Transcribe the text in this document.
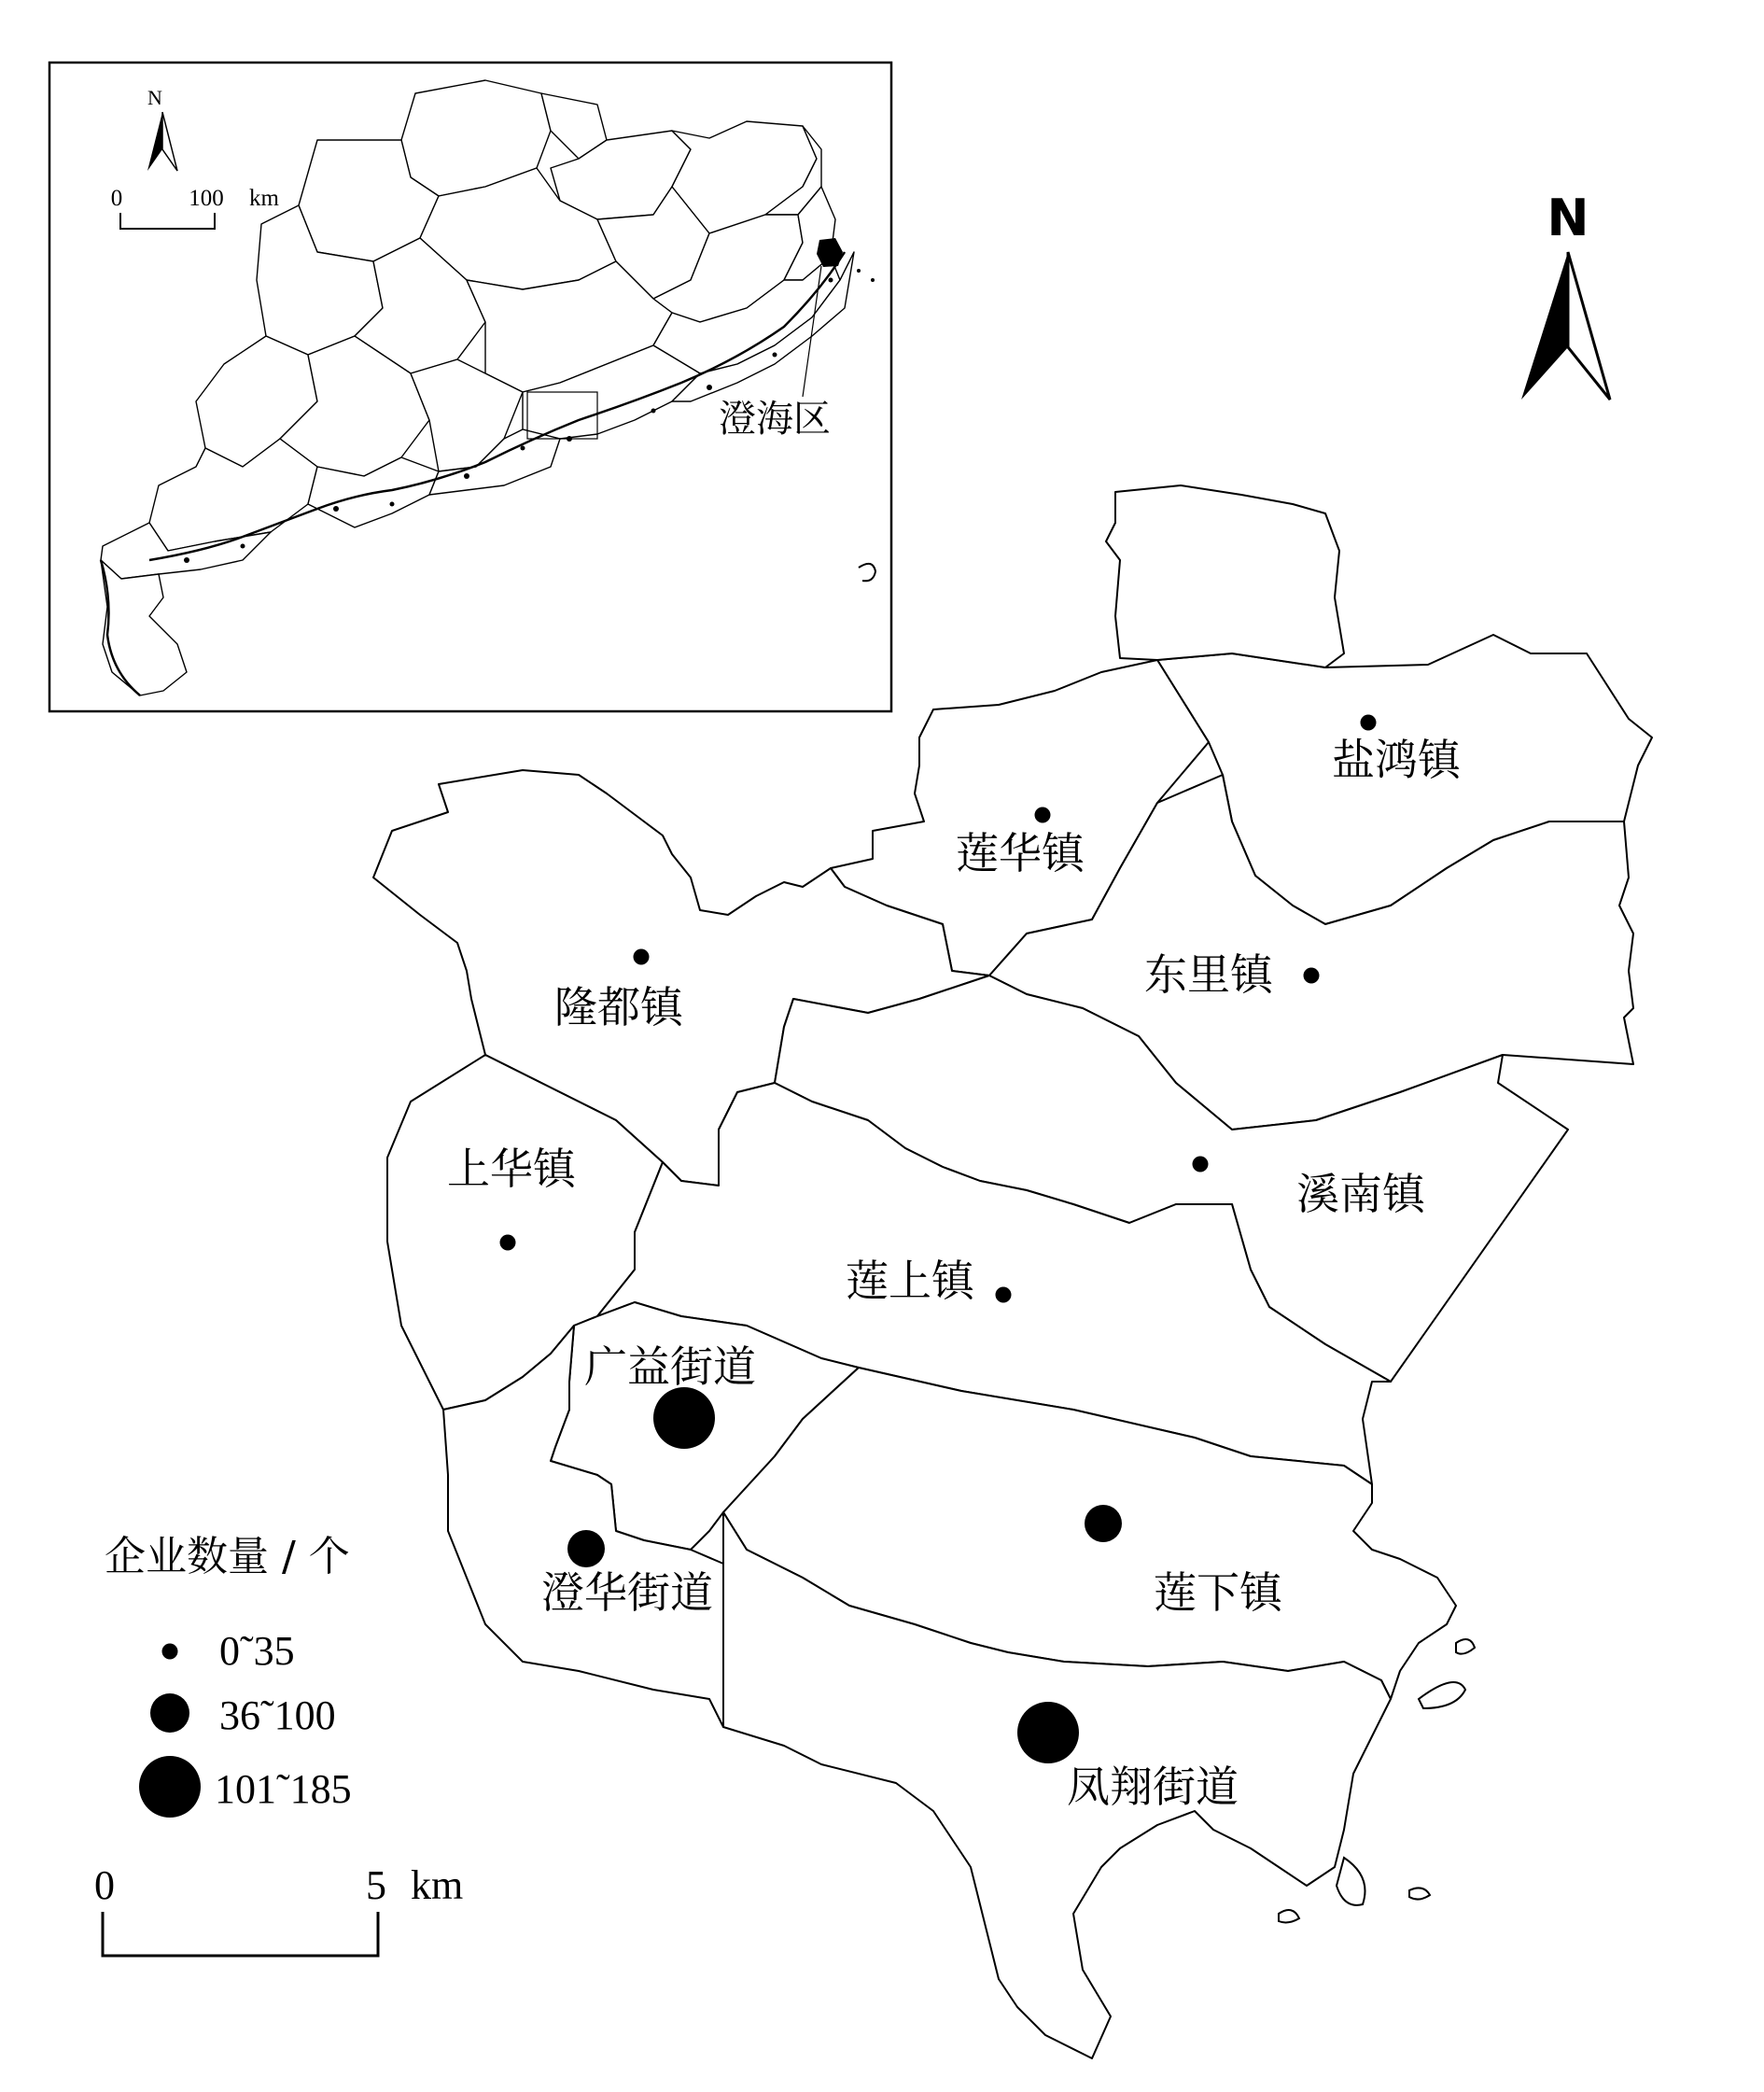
澄海区
N
0	100 km	N
盐鸿镇
莲华镇
东里镇
隆都镇
溪南镇
上华镇
莲上镇
广益街道
澄华街道	莲下镇
凤翔街道
企业数量 / 个
0˜35
36˜100
101˜185
0	5 km
